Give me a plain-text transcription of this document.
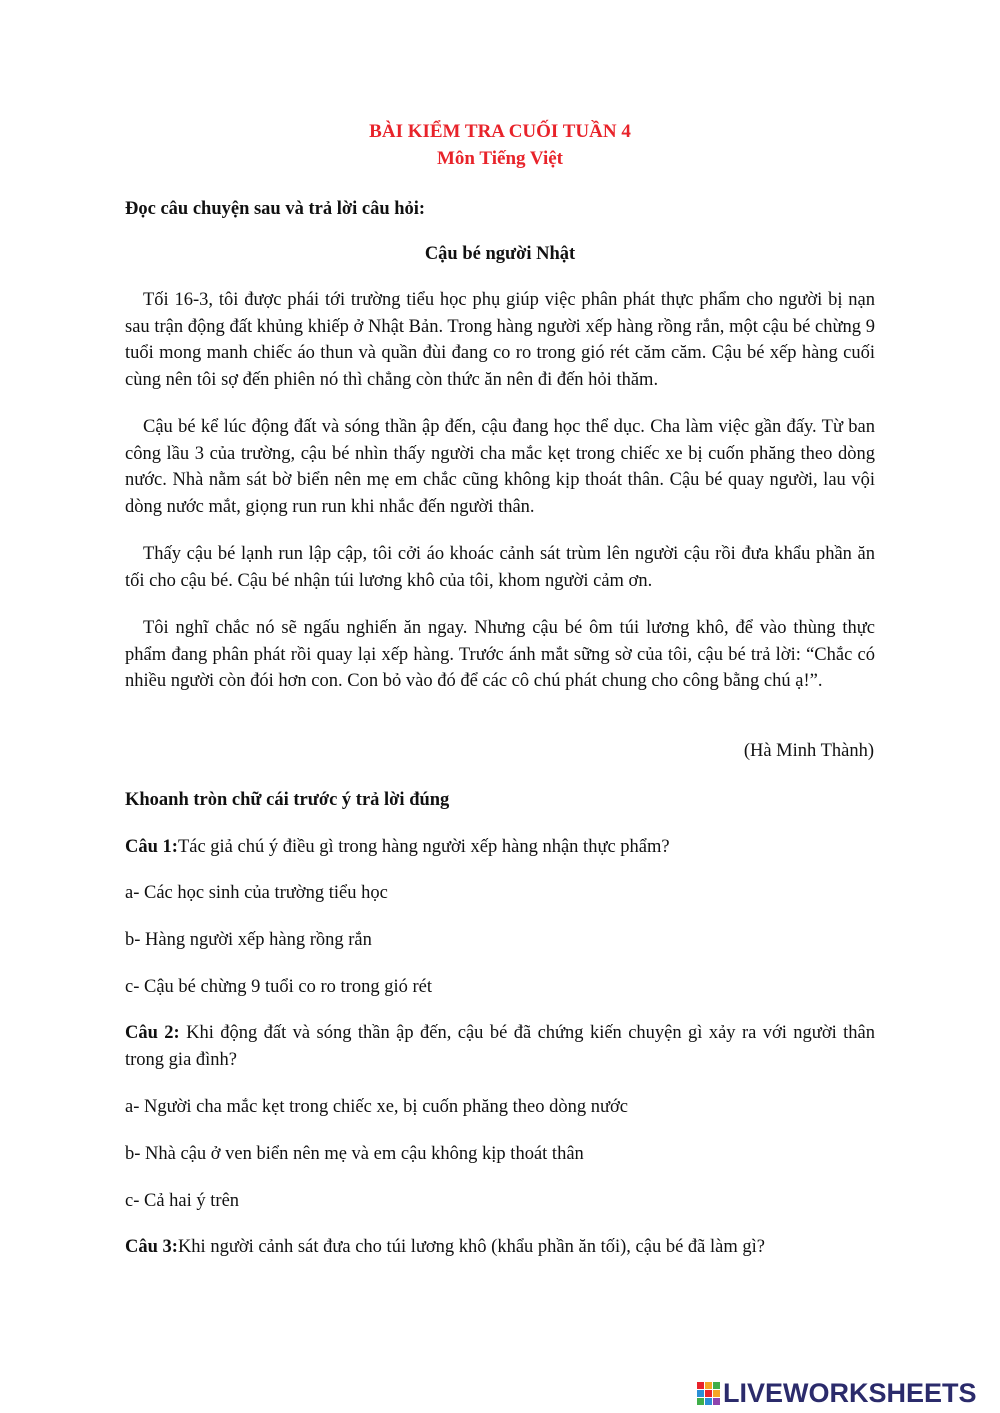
BÀI KIỂM TRA CUỐI TUẦN 4
Môn Tiếng Việt
Đọc câu chuyện sau và trả lời câu hỏi:
Cậu bé người Nhật
Tối 16-3, tôi được phái tới trường tiểu học phụ giúp việc phân phát thực phẩm cho người bị nạn sau trận động đất khủng khiếp ở Nhật Bản. Trong hàng người xếp hàng rồng rắn, một cậu bé chừng 9 tuổi mong manh chiếc áo thun và quần đùi đang co ro trong gió rét căm căm. Cậu bé xếp hàng cuối cùng nên tôi sợ đến phiên nó thì chẳng còn thức ăn nên đi đến hỏi thăm.
Cậu bé kể lúc động đất và sóng thần ập đến, cậu đang học thể dục. Cha làm việc gần đấy. Từ ban công lầu 3 của trường, cậu bé nhìn thấy người cha mắc kẹt trong chiếc xe bị cuốn phăng theo dòng nước. Nhà nằm sát bờ biển nên mẹ em chắc cũng không kịp thoát thân. Cậu bé quay người, lau vội dòng nước mắt, giọng run run khi nhắc đến người thân.
Thấy cậu bé lạnh run lập cập, tôi cởi áo khoác cảnh sát trùm lên người cậu rồi đưa khẩu phần ăn tối cho cậu bé. Cậu bé nhận túi lương khô của tôi, khom người cảm ơn.
Tôi nghĩ chắc nó sẽ ngấu nghiến ăn ngay. Nhưng cậu bé ôm túi lương khô, để vào thùng thực phẩm đang phân phát rồi quay lại xếp hàng. Trước ánh mắt sững sờ của tôi, cậu bé trả lời: “Chắc có nhiều người còn đói hơn con. Con bỏ vào đó để các cô chú phát chung cho công bằng chú ạ!”.
(Hà Minh Thành)
Khoanh tròn chữ cái trước ý trả lời đúng
Câu 1:Tác giả chú ý điều gì trong hàng người xếp hàng nhận thực phẩm?
a- Các học sinh của trường tiểu học
b- Hàng người xếp hàng rồng rắn
c- Cậu bé chừng 9 tuổi co ro trong gió rét
Câu 2: Khi động đất và sóng thần ập đến, cậu bé đã chứng kiến chuyện gì xảy ra với người thân trong gia đình?
a- Người cha mắc kẹt trong chiếc xe, bị cuốn phăng theo dòng nước
b- Nhà cậu ở ven biển nên mẹ và em cậu không kịp thoát thân
c- Cả hai ý trên
Câu 3:Khi người cảnh sát đưa cho túi lương khô (khẩu phần ăn tối), cậu bé đã làm gì?
LIVEWORKSHEETS
